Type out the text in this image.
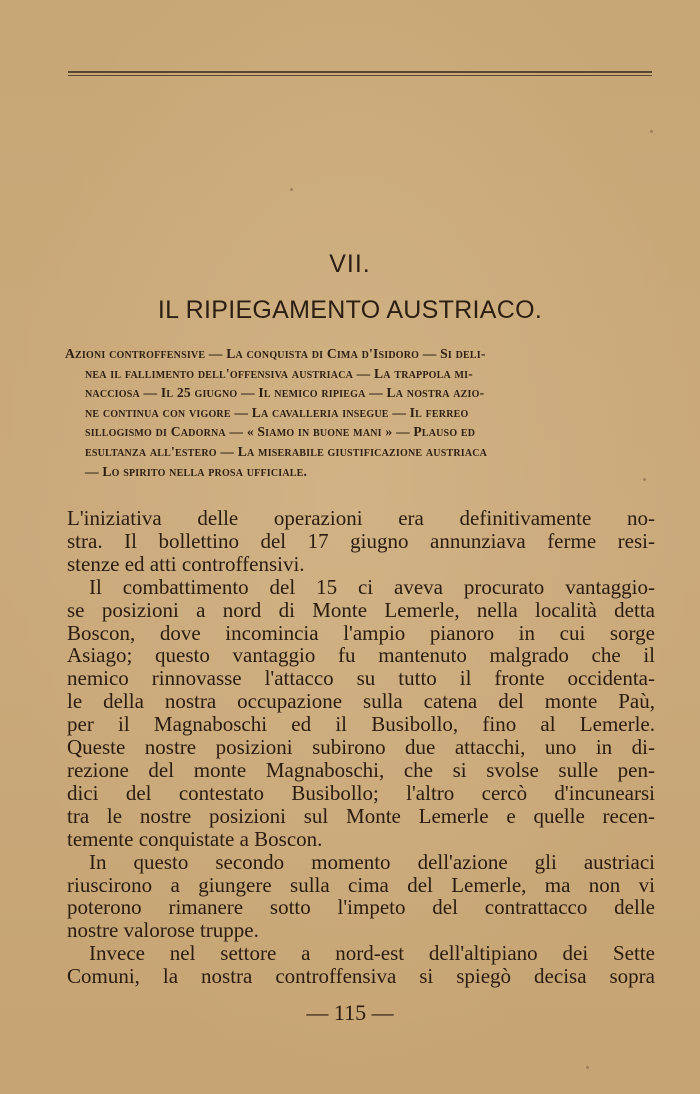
VII.
IL RIPIEGAMENTO AUSTRIACO.
Azioni controffensive — La conquista di Cima d'Isidoro — Si deli-
nea il fallimento dell'offensiva austriaca — La trappola mi-
nacciosa — Il 25 giugno — Il nemico ripiega — La nostra azio-
ne continua con vigore — La cavalleria insegue — Il ferreo
sillogismo di Cadorna — « Siamo in buone mani » — Plauso ed
esultanza all'estero — La miserabile giustificazione austriaca
— Lo spirito nella prosa ufficiale.
L'iniziativa delle operazioni era definitivamente no-
stra. Il bollettino del 17 giugno annunziava ferme resi-
stenze ed atti controffensivi.
Il combattimento del 15 ci aveva procurato vantaggio-
se posizioni a nord di Monte Lemerle, nella località detta
Boscon, dove incomincia l'ampio pianoro in cui sorge
Asiago; questo vantaggio fu mantenuto malgrado che il
nemico rinnovasse l'attacco su tutto il fronte occidenta-
le della nostra occupazione sulla catena del monte Paù,
per il Magnaboschi ed il Busibollo, fino al Lemerle.
Queste nostre posizioni subirono due attacchi, uno in di-
rezione del monte Magnaboschi, che si svolse sulle pen-
dici del contestato Busibollo; l'altro cercò d'incunearsi
tra le nostre posizioni sul Monte Lemerle e quelle recen-
temente conquistate a Boscon.
In questo secondo momento dell'azione gli austriaci
riuscirono a giungere sulla cima del Lemerle, ma non vi
poterono rimanere sotto l'impeto del contrattacco delle
nostre valorose truppe.
Invece nel settore a nord-est dell'altipiano dei Sette
Comuni, la nostra controffensiva si spiegò decisa sopra
— 115 —
